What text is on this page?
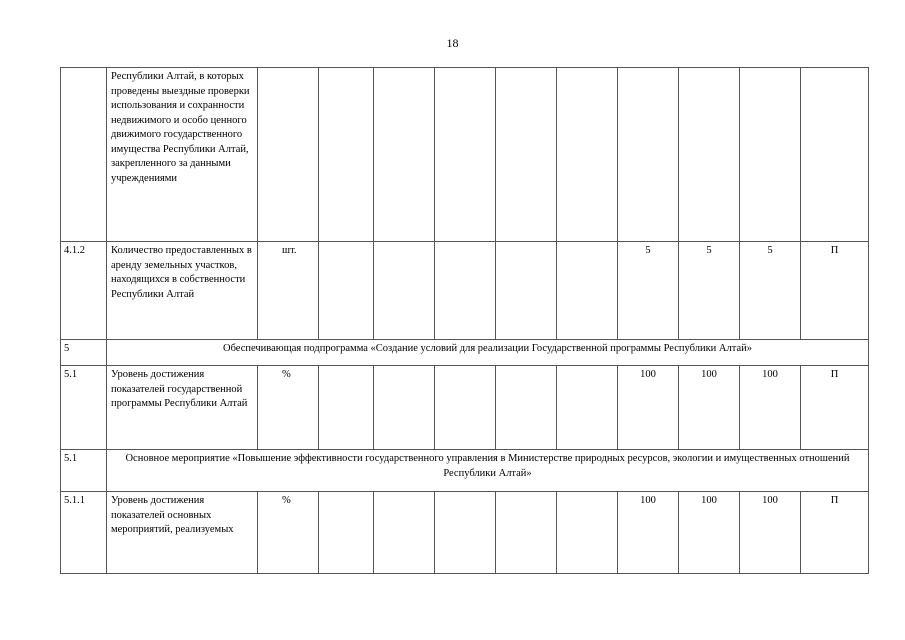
18
	Республики Алтай, в которых проведены выездные проверки использования и сохранности недвижимого и особо ценного движимого государственного имущества Республики Алтай, закрепленного за данными учреждениями										
4.1.2	Количество предоставленных в аренду земельных участков, находящихся в собственности Республики Алтай	шт.						5	5	5	П
5	Обеспечивающая подпрограмма «Создание условий для реализации Государственной программы Республики Алтай»										
5.1	Уровень достижения показателей государственной программы Республики Алтай	%						100	100	100	П
5.1	Основное мероприятие «Повышение эффективности государственного управления в Министерстве природных ресурсов, экологии и имущественных отношений Республики Алтай»										
5.1.1	Уровень достижения показателей основных мероприятий, реализуемых	%						100	100	100	П
